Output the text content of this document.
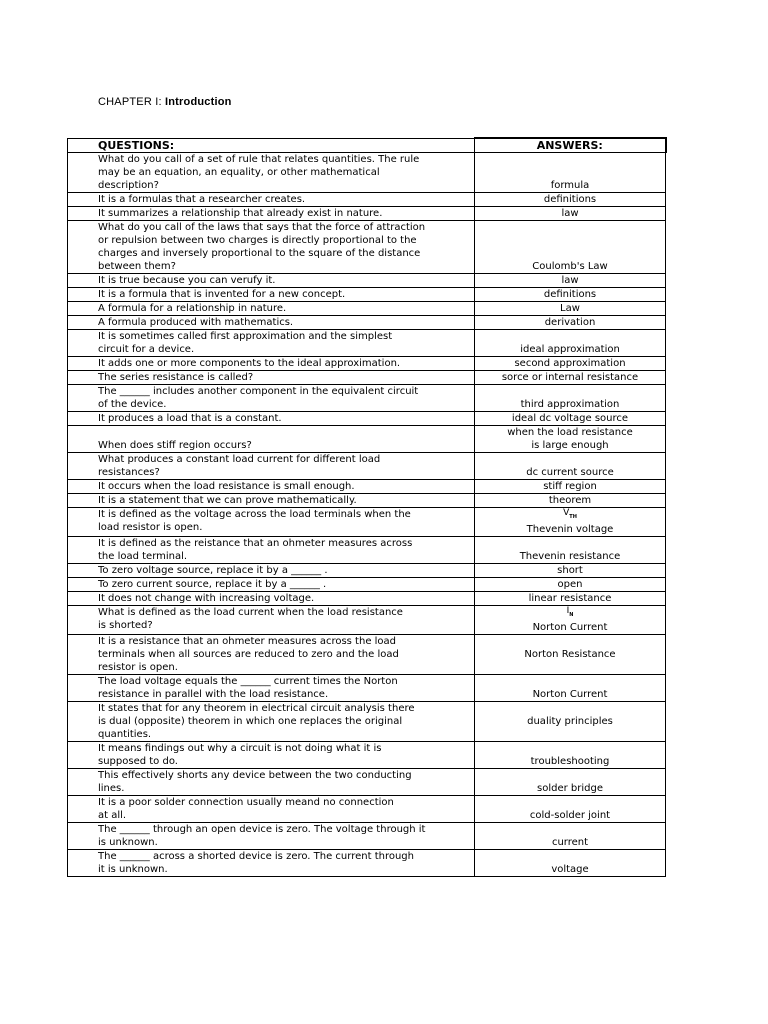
CHAPTER I: Introduction
QUESTIONS:	ANSWERS:
What do you call of a set of rule that relates quantities. The rule
may be an equation, an equality, or other mathematical
description?	formula
It is a formulas that a researcher creates.	definitions
It summarizes a relationship that already exist in nature.	law
What do you call of the laws that says that the force of attraction
or repulsion between two charges is directly proportional to the
charges and inversely proportional to the square of the distance
between them?	Coulomb's Law
It is true because you can verufy it.	law
It is a formula that is invented for a new concept.	definitions
A formula for a relationship in nature.	Law
A formula produced with mathematics.	derivation
It is sometimes called first approximation and the simplest
circuit for a device.	ideal approximation
It adds one or more components to the ideal approximation.	second approximation
The series resistance is called?	sorce or internal resistance
The ______ includes another component in the equivalent circuit
of the device.	third approximation
It produces a load that is a constant.	ideal dc voltage source

When does stiff region occurs?	when the load resistance
is large enough
What produces a constant load current for different load
resistances?	dc current source
It occurs when the load resistance is small enough.	stiff region
It is a statement that we can prove mathematically.	theorem
It is defined as the voltage across the load terminals when the
load resistor is open.	$V_{TH}$
Thevenin voltage
It is defined as the reistance that an ohmeter measures across
the load terminal.	Thevenin resistance
To zero voltage source, replace it by a ______ .	short
To zero current source, replace it by a ______ .	open
It does not change with increasing voltage.	linear resistance
What is defined as the load current when the load resistance
is shorted?	$I_N$
Norton Current
It is a resistance that an ohmeter measures across the load
terminals when all sources are reduced to zero and the load
resistor is open.	Norton Resistance
The load voltage equals the ______ current times the Norton
resistance in parallel with the load resistance.	Norton Current
It states that for any theorem in electrical circuit analysis there
is dual (opposite) theorem in which one replaces the original
quantities.	duality principles
It means findings out why a circuit is not doing what it is
supposed to do.	troubleshooting
This effectively shorts any device between the two conducting
lines.	solder bridge
It is a poor solder connection usually meand no connection
at all.	cold-solder joint
The ______ through an open device is zero. The voltage through it
is unknown.	current
The ______ across a shorted device is zero. The current through
it is unknown.	voltage
